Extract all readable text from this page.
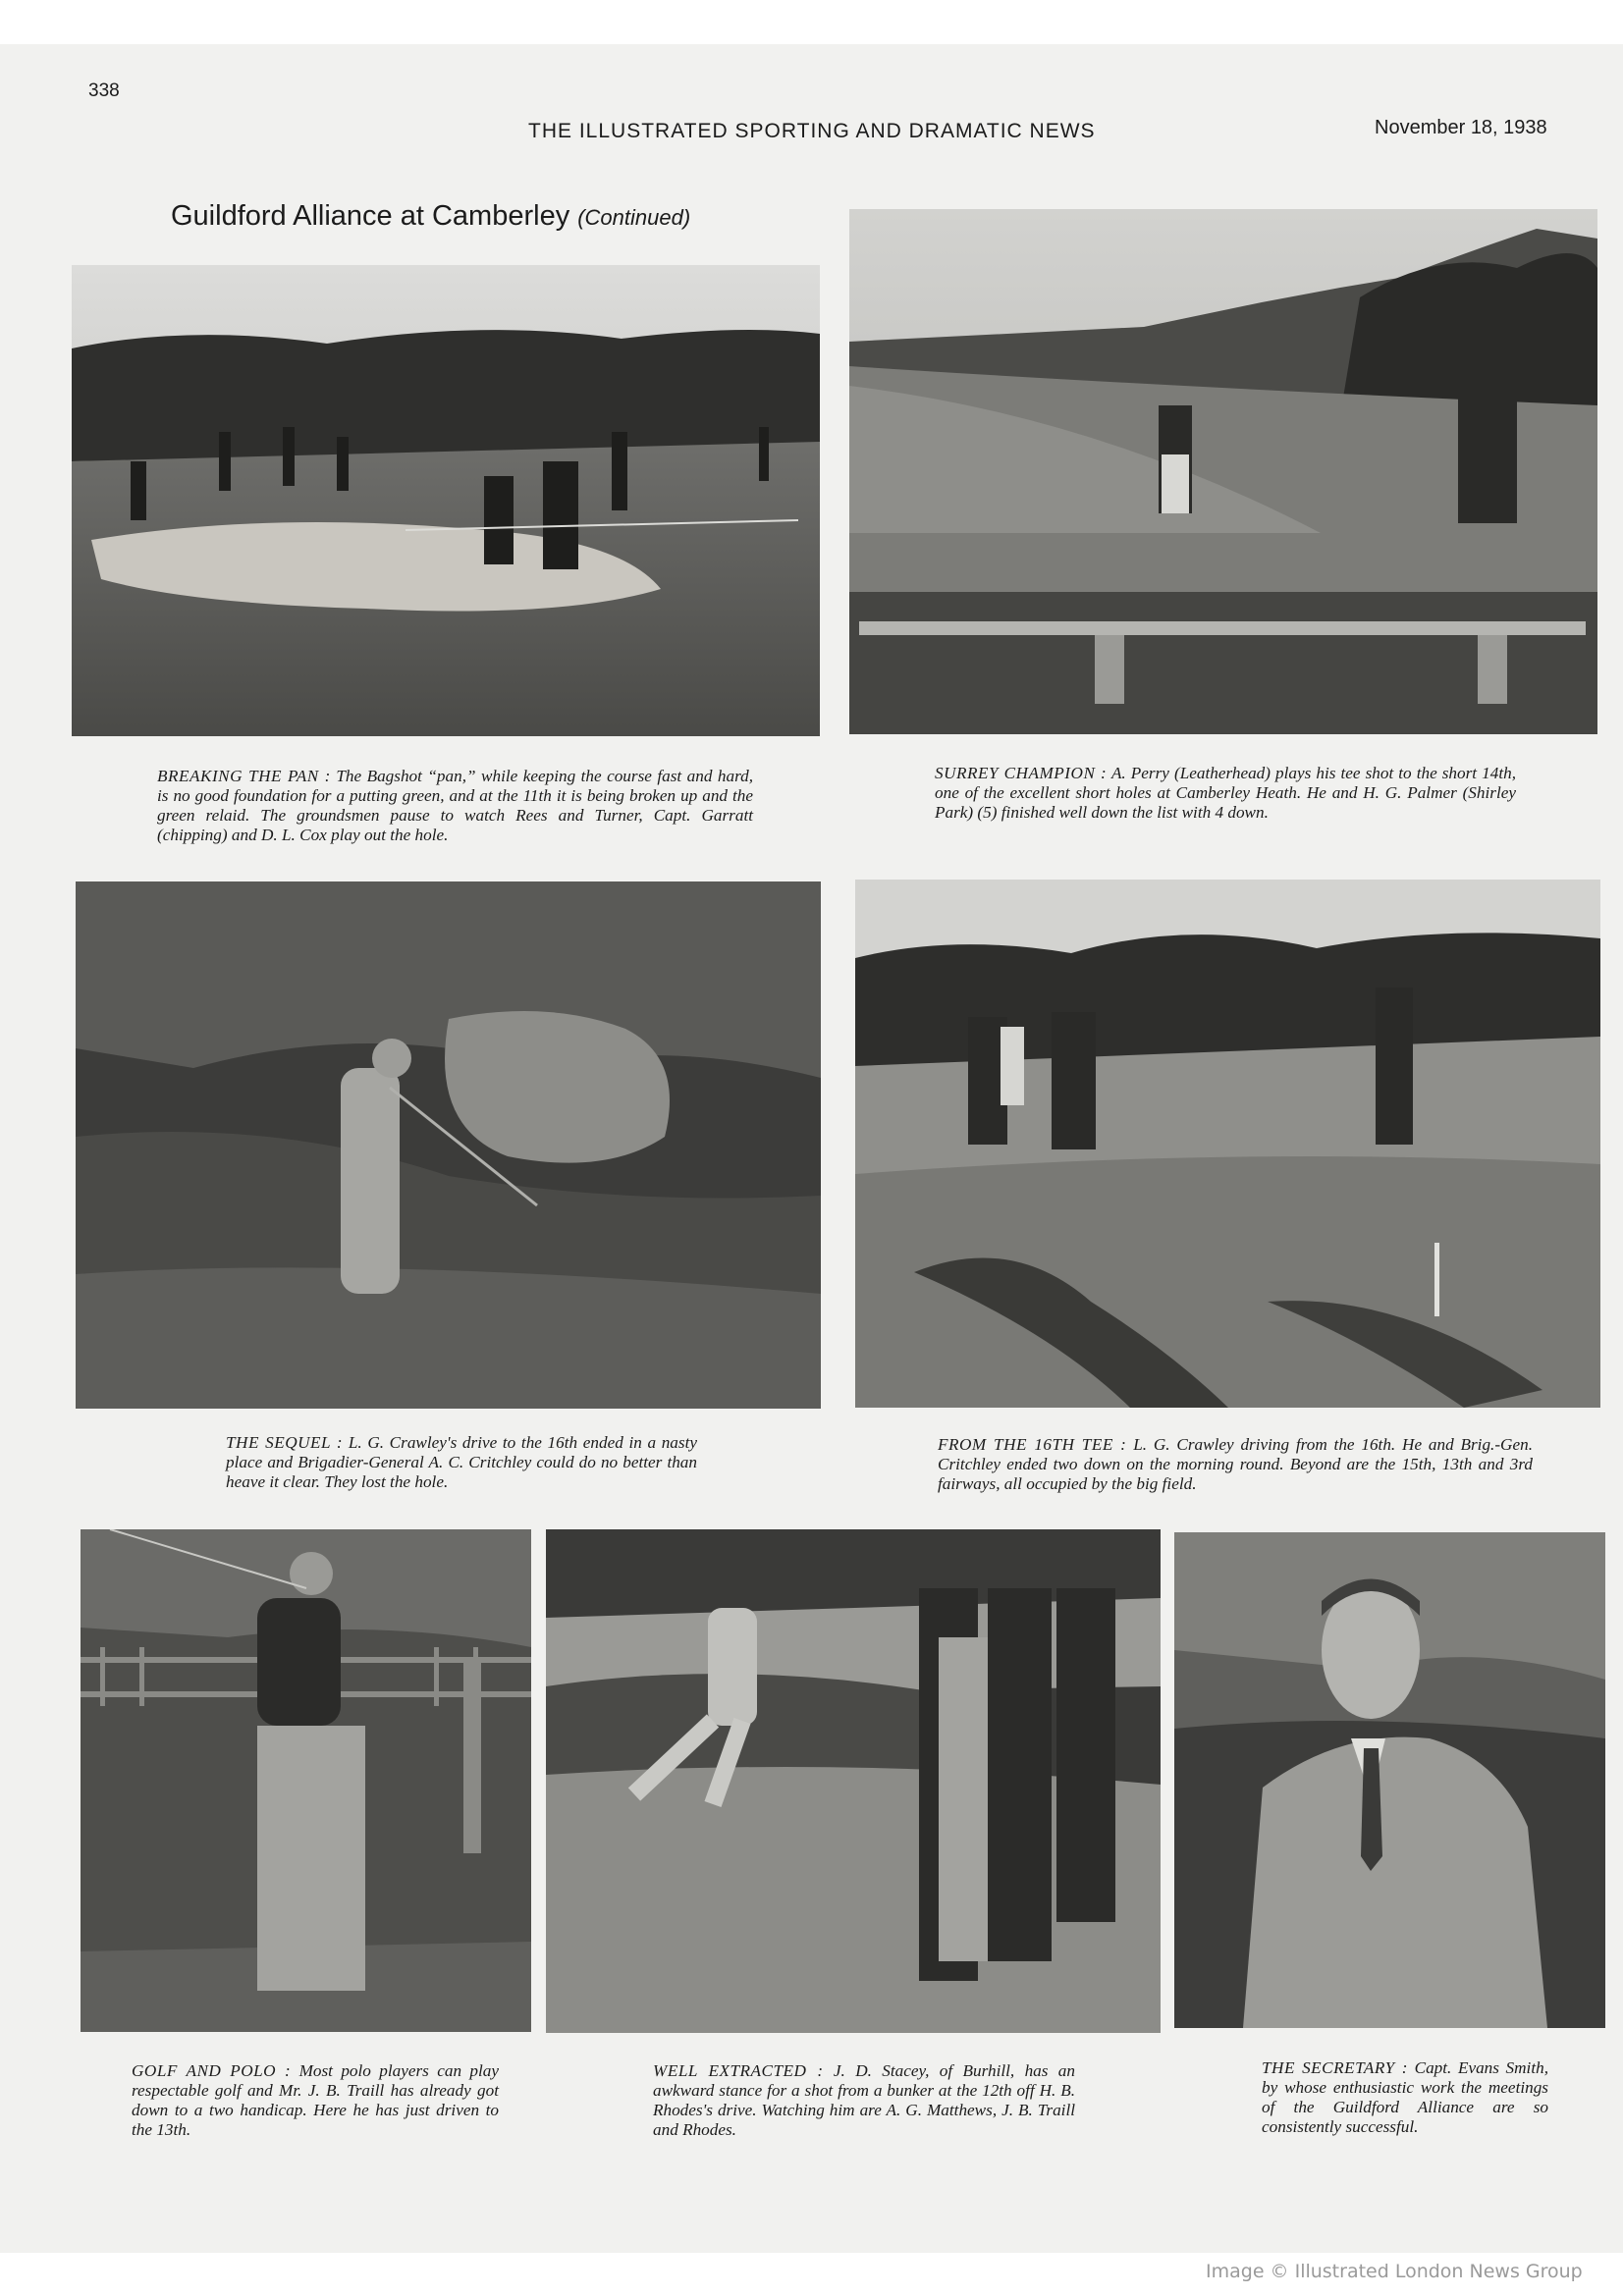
338
THE ILLUSTRATED SPORTING AND DRAMATIC NEWS	November 18, 1938
Guildford Alliance at Camberley (Continued)
BREAKING THE PAN : The Bagshot “pan,” while keeping the course fast and hard, is no good foundation for a putting green, and at the 11th it is being broken up and the green relaid. The groundsmen pause to watch Rees and Turner, Capt. Garratt (chipping) and D. L. Cox play out the hole.
SURREY CHAMPION : A. Perry (Leatherhead) plays his tee shot to the short 14th, one of the excellent short holes at Camberley Heath. He and H. G. Palmer (Shirley Park) (5) finished well down the list with 4 down.
THE SEQUEL : L. G. Crawley's drive to the 16th ended in a nasty place and Brigadier-General A. C. Critchley could do no better than heave it clear. They lost the hole.
FROM THE 16TH TEE : L. G. Crawley driving from the 16th. He and Brig.-Gen. Critchley ended two down on the morning round. Beyond are the 15th, 13th and 3rd fairways, all occupied by the big field.
GOLF AND POLO : Most polo players can play respectable golf and Mr. J. B. Traill has already got down to a two handicap. Here he has just driven to the 13th.
WELL EXTRACTED : J. D. Stacey, of Burhill, has an awkward stance for a shot from a bunker at the 12th off H. B. Rhodes's drive. Watching him are A. G. Matthews, J. B. Traill and Rhodes.
THE SECRETARY : Capt. Evans Smith, by whose enthusiastic work the meetings of the Guildford Alliance are so consistently successful.
Image © Illustrated London News Group
